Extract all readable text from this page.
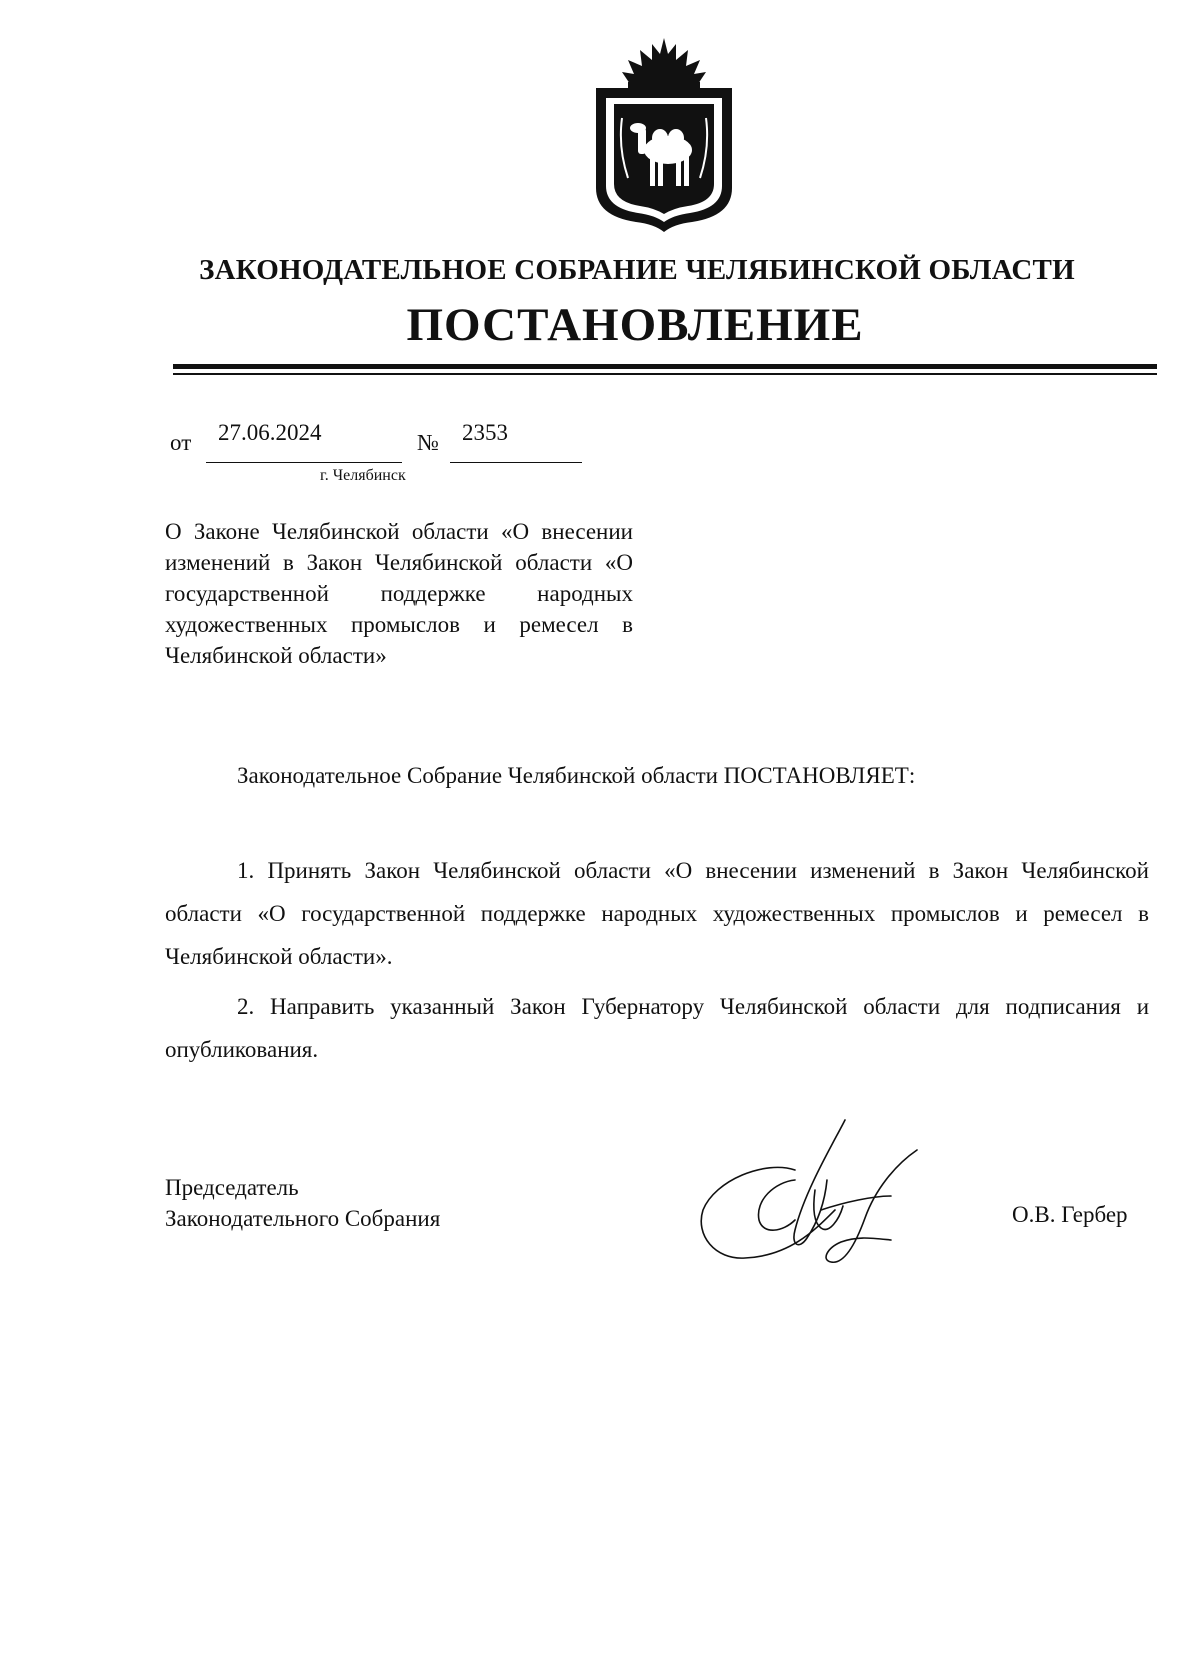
ЗАКОНОДАТЕЛЬНОЕ СОБРАНИЕ ЧЕЛЯБИНСКОЙ ОБЛАСТИ
ПОСТАНОВЛЕНИЕ
от 27.06.2024	№ 2353
г. Челябинск
О Законе Челябинской области «О внесении изменений в Закон Челябинской области «О государственной поддержке народных художественных промыслов и ремесел в Челябинской области»
Законодательное Собрание Челябинской области ПОСТАНОВЛЯЕТ:
1. Принять Закон Челябинской области «О внесении изменений в Закон Челябинской области «О государственной поддержке народных художественных промыслов и ремесел в Челябинской области».
2. Направить указанный Закон Губернатору Челябинской области для подписания и опубликования.
Председатель
Законодательного Собрания	О.В. Гербер
